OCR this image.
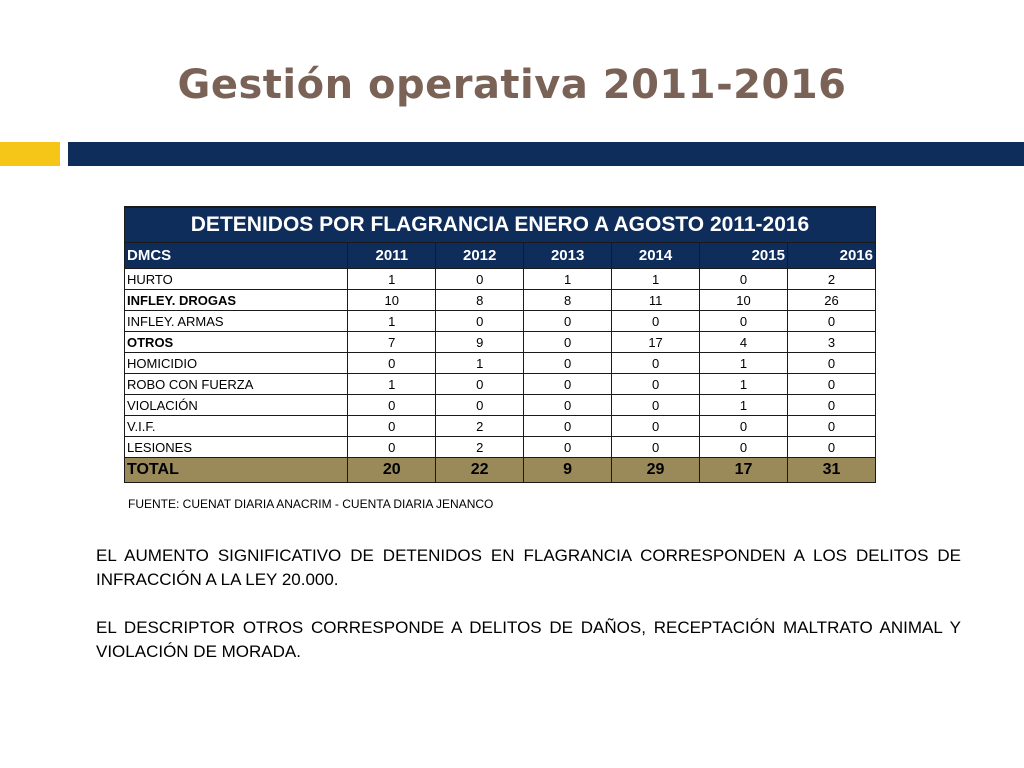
Gestión operativa 2011-2016
DETENIDOS POR FLAGRANCIA ENERO A AGOSTO 2011-2016						
DMCS	2011	2012	2013	2014	2015	2016
HURTO	1	0	1	1	0	2
INFLEY. DROGAS	10	8	8	11	10	26
INFLEY. ARMAS	1	0	0	0	0	0
OTROS	7	9	0	17	4	3
HOMICIDIO	0	1	0	0	1	0
ROBO CON FUERZA	1	0	0	0	1	0
VIOLACIÓN	0	0	0	0	1	0
V.I.F.	0	2	0	0	0	0
LESIONES	0	2	0	0	0	0
TOTAL	20	22	9	29	17	31
FUENTE: CUENAT DIARIA ANACRIM - CUENTA DIARIA JENANCO
EL AUMENTO SIGNIFICATIVO DE DETENIDOS EN FLAGRANCIA CORRESPONDEN A LOS DELITOS DE INFRACCIÓN A LA LEY 20.000.
EL DESCRIPTOR OTROS CORRESPONDE A DELITOS DE DAÑOS, RECEPTACIÓN MALTRATO ANIMAL Y VIOLACIÓN DE MORADA.
